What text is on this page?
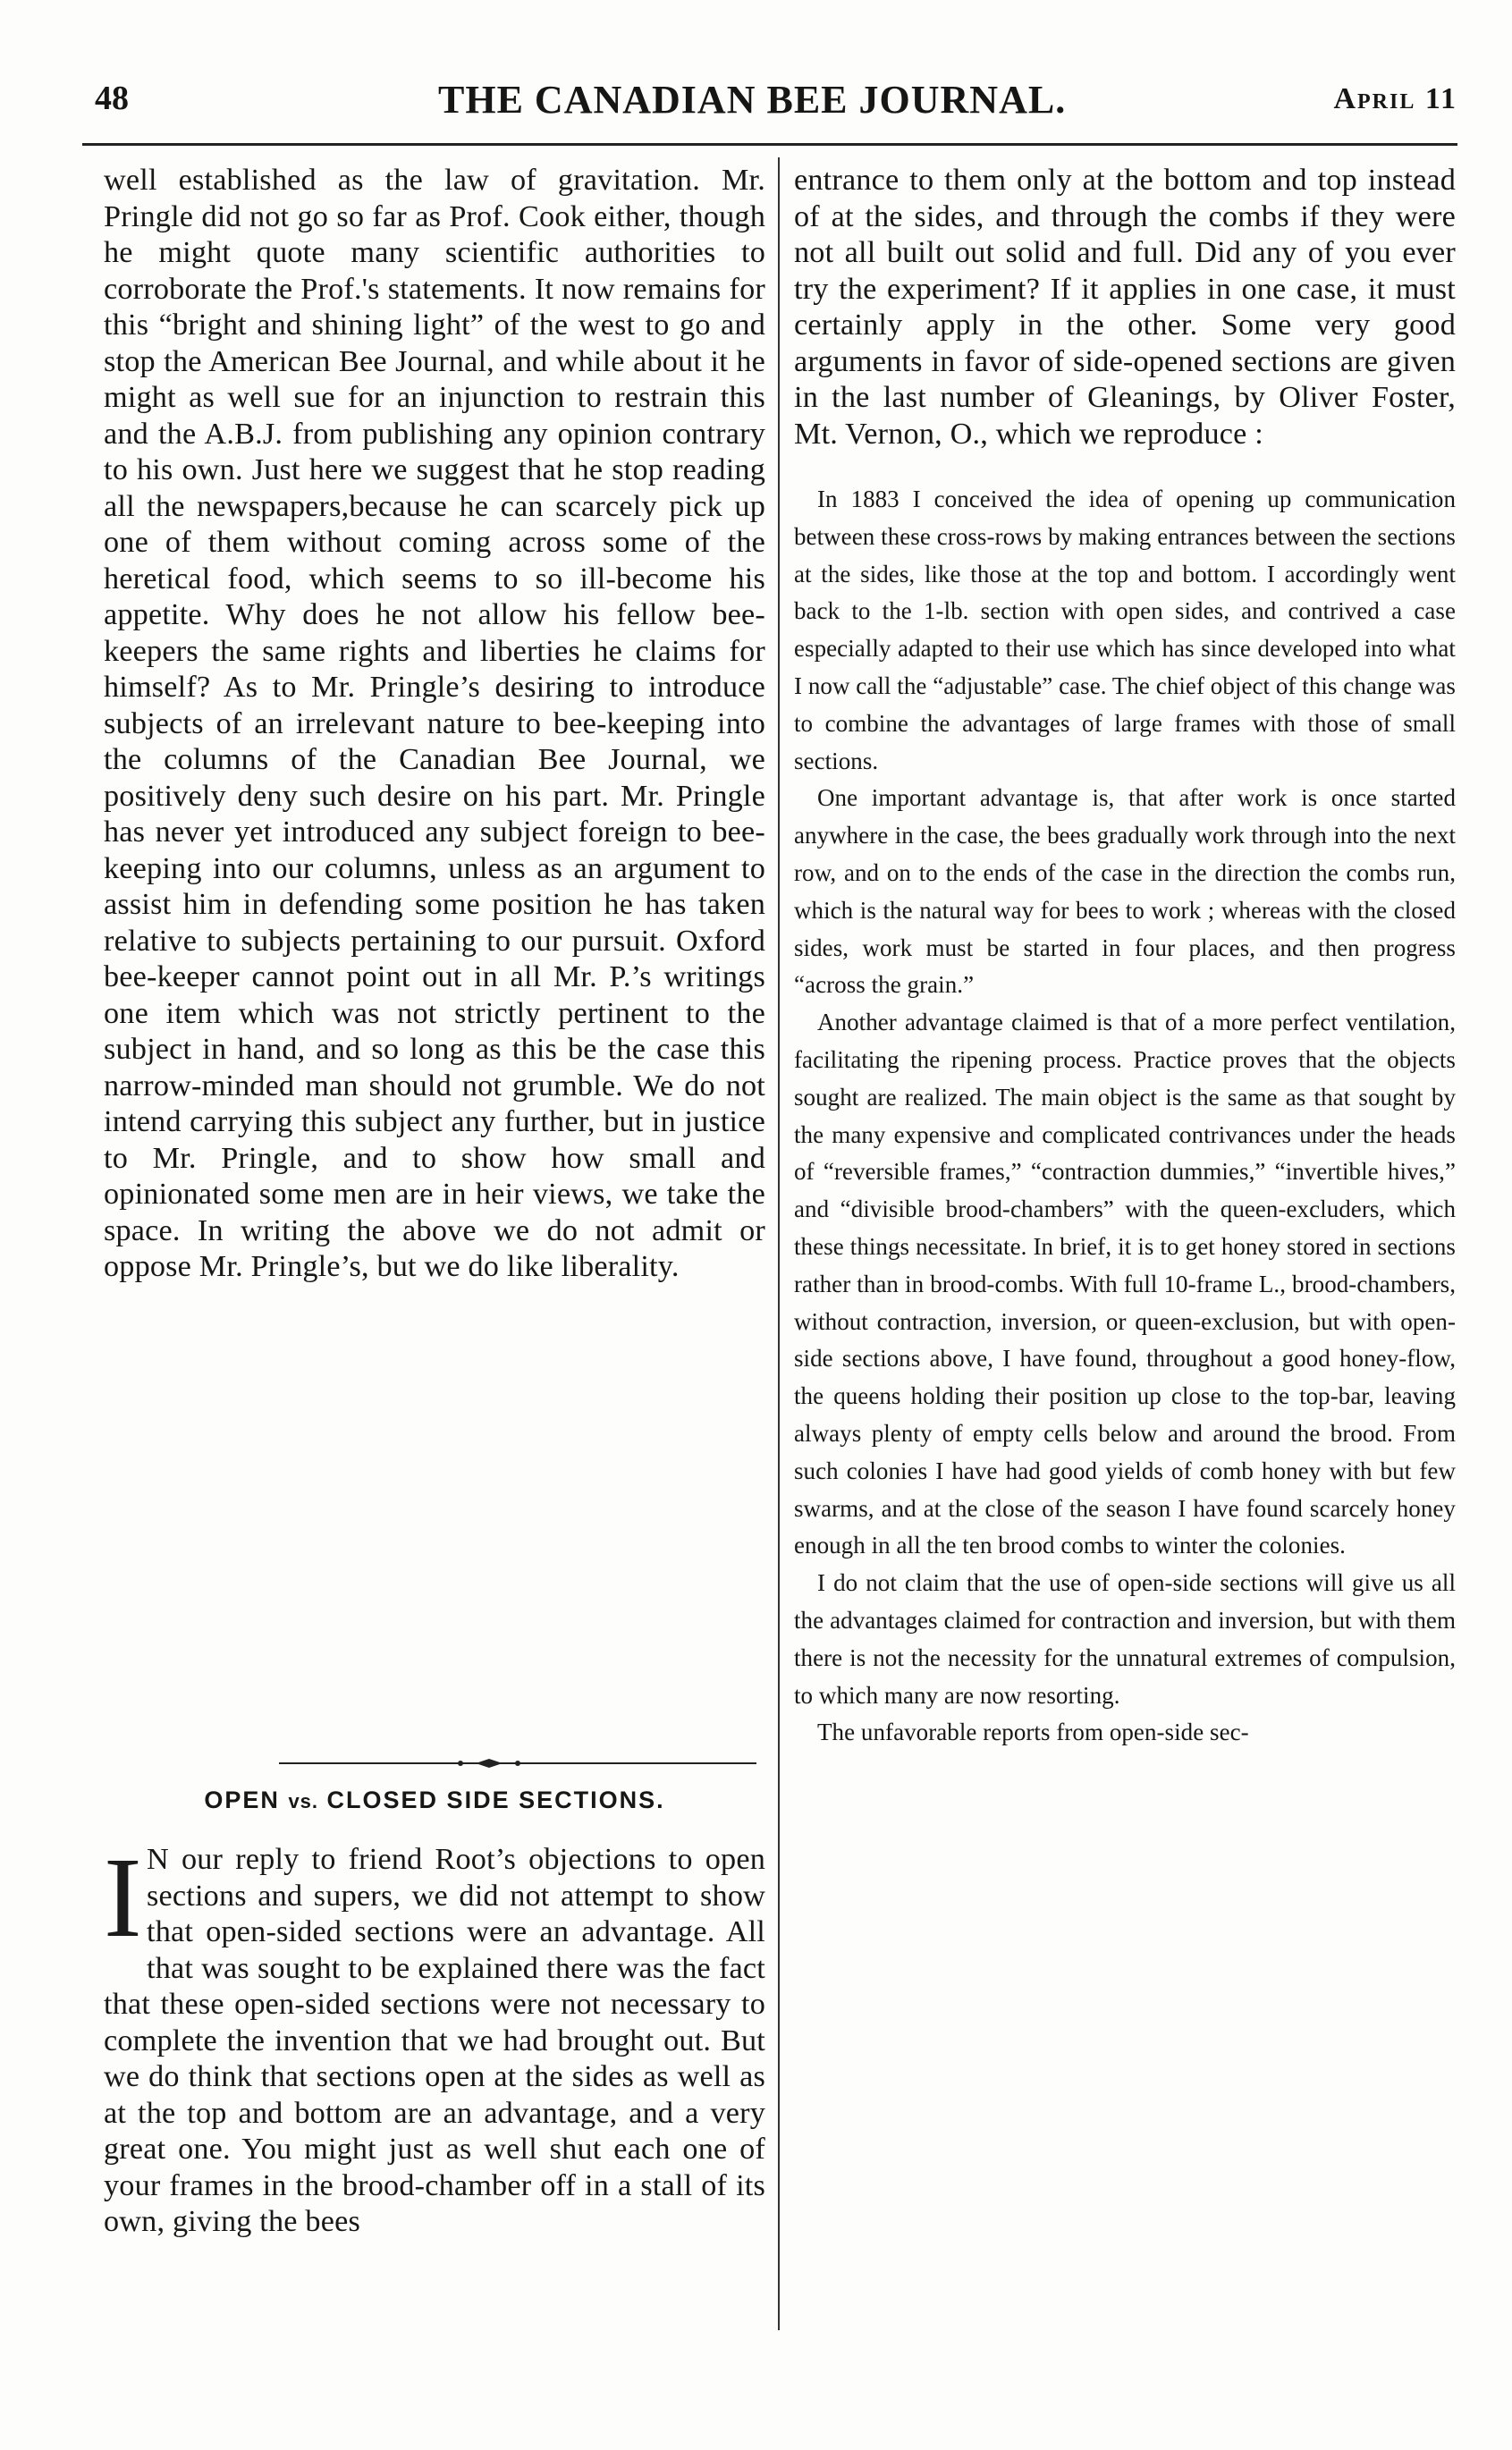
48	THE CANADIAN BEE JOURNAL.	April 11
well established as the law of gravitation. Mr. Pringle did not go so far as Prof. Cook either, though he might quote many scientific authorities to corroborate the Prof.'s statements. It now remains for this “bright and shining light” of the west to go and stop the American Bee Journal, and while about it he might as well sue for an injunction to restrain this and the A.B.J. from publishing any opinion contrary to his own. Just here we suggest that he stop reading all the newspapers,because he can scarcely pick up one of them without coming across some of the heretical food, which seems to so ill-become his appetite. Why does he not allow his fellow bee-keepers the same rights and liberties he claims for himself? As to Mr. Pringle’s desiring to introduce subjects of an irrelevant nature to bee-keeping into the columns of the Canadian Bee Journal, we positively deny such desire on his part. Mr. Pringle has never yet introduced any subject foreign to bee-keeping into our columns, unless as an argument to assist him in defending some position he has taken relative to subjects pertaining to our pursuit. Oxford bee-keeper cannot point out in all Mr. P.’s writings one item which was not strictly pertinent to the subject in hand, and so long as this be the case this narrow-minded man should not grumble. We do not intend carrying this subject any further, but in justice to Mr. Pringle, and to show how small and opinionated some men are in heir views, we take the space. In writing the above we do not admit or oppose Mr. Pringle’s, but we do like liberality.
OPEN vs. CLOSED SIDE SECTIONS.
I N our reply to friend Root’s objections to open sections and supers, we did not attempt to show that open-sided sections were an advantage. All that was sought to be explained there was the fact that these open-sided sections were not necessary to complete the invention that we had brought out. But we do think that sections open at the sides as well as at the top and bottom are an advantage, and a very great one. You might just as well shut each one of your frames in the brood-chamber off in a stall of its own, giving the bees
entrance to them only at the bottom and top instead of at the sides, and through the combs if they were not all built out solid and full. Did any of you ever try the experiment? If it applies in one case, it must certainly apply in the other. Some very good arguments in favor of side-opened sections are given in the last number of Gleanings, by Oliver Foster, Mt. Vernon, O., which we reproduce :

In 1883 I conceived the idea of opening up communication between these cross-rows by making entrances between the sections at the sides, like those at the top and bottom. I accordingly went back to the 1-lb. section with open sides, and contrived a case especially adapted to their use which has since developed into what I now call the “adjustable” case. The chief object of this change was to combine the advantages of large frames with those of small sections.

One important advantage is, that after work is once started anywhere in the case, the bees gradually work through into the next row, and on to the ends of the case in the direction the combs run, which is the natural way for bees to work ; whereas with the closed sides, work must be started in four places, and then progress “across the grain.”

Another advantage claimed is that of a more perfect ventilation, facilitating the ripening process. Practice proves that the objects sought are realized. The main object is the same as that sought by the many expensive and complicated contrivances under the heads of “reversible frames,” “contraction dummies,” “invertible hives,” and “divisible brood-chambers” with the queen-excluders, which these things necessitate. In brief, it is to get honey stored in sections rather than in brood-combs. With full 10-frame L., brood-chambers, without contraction, inversion, or queen-exclusion, but with open-side sections above, I have found, throughout a good honey-flow, the queens holding their position up close to the top-bar, leaving always plenty of empty cells below and around the brood. From such colonies I have had good yields of comb honey with but few swarms, and at the close of the season I have found scarcely honey enough in all the ten brood combs to winter the colonies.

I do not claim that the use of open-side sections will give us all the advantages claimed for contraction and inversion, but with them there is not the necessity for the unnatural extremes of compulsion, to which many are now resorting.

The unfavorable reports from open-side sec-
